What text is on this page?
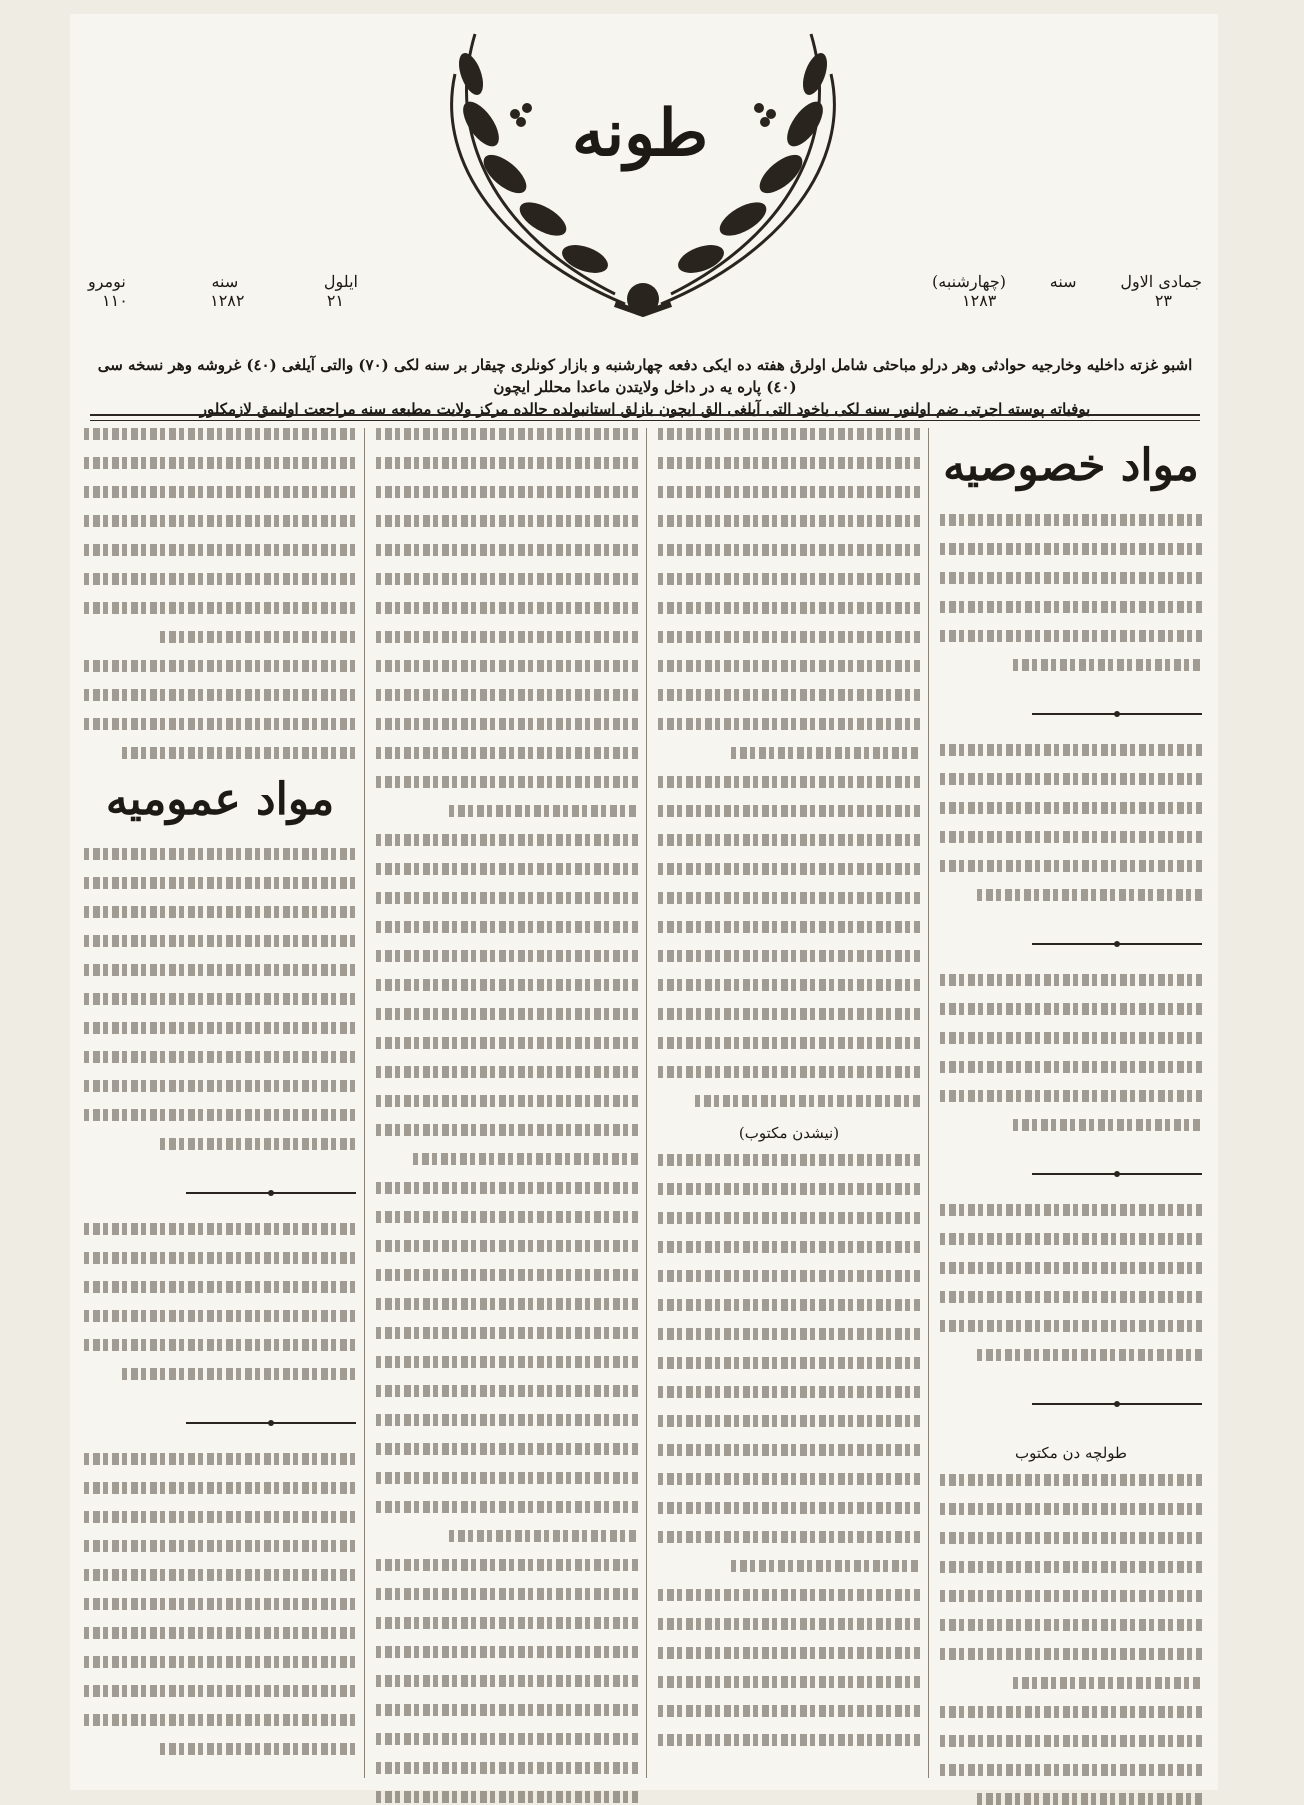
طونه
جمادی الاول
سنه
(چهارشنبه)
٢٣
١٢٨٣
ایلول
سنه
نومرو
٢١
١٢٨٢
١١٠
اشبو غزته داخلیه وخارجیه حوادثی وهر درلو مباحثی شامل اولرق هفته ده ایکی دفعه چهارشنبه و بازار کونلری چیقار بر سنه لکی (٧٠) والتی آیلغی (٤٠) غروشه وهر نسخه سی (٤٠) پاره یه در داخل ولایتدن ماعدا محللر ایچون
بوفیاته پوسته اجرتی ضم اولنور سنه لکی یاخود التی آیلغی الق ایچون بازلق استانبولده حالده مرکز ولایت مطبعه سنه مراجعت اولنمق لازمکلور
مواد خصوصیه
طولچه دن مکتوب
(نیشدن مکتوب)
مواد عمومیه
